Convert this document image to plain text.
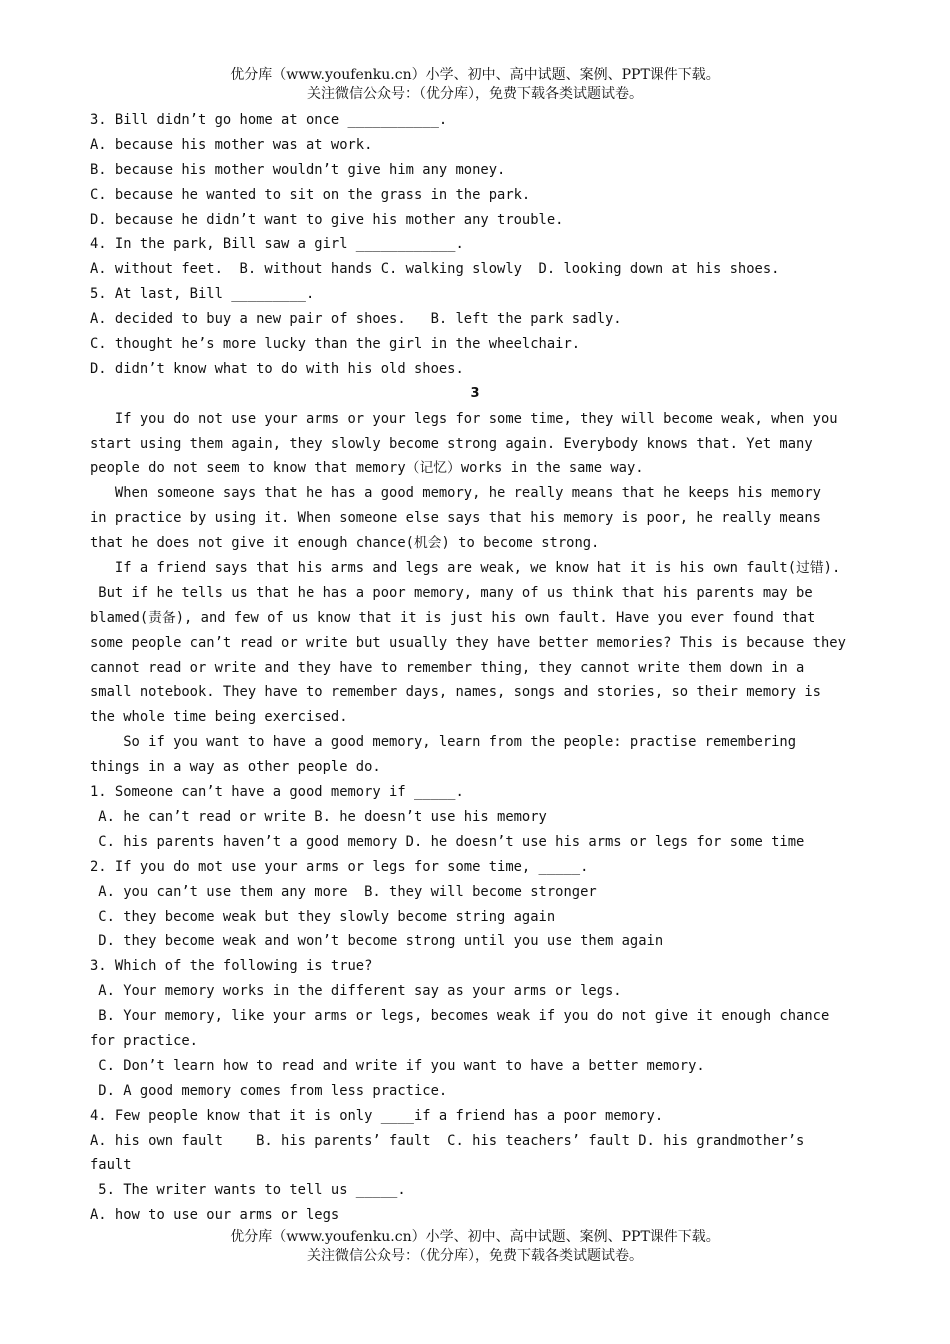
优分库（www.youfenku.cn）小学、初中、高中试题、案例、PPT课件下载。
关注微信公众号：（优分库），免费下载各类试题试卷。
3. Bill didn’t go home at once ___________.
A. because his mother was at work.
B. because his mother wouldn’t give him any money.
C. because he wanted to sit on the grass in the park.
D. because he didn’t want to give his mother any trouble.
4. In the park, Bill saw a girl ____________.
A. without feet.  B. without hands C. walking slowly  D. looking down at his shoes.
5. At last, Bill _________.
A. decided to buy a new pair of shoes.   B. left the park sadly.
C. thought he’s more lucky than the girl in the wheelchair.
D. didn’t know what to do with his old shoes.
3
If you do not use your arms or your legs for some time, they will become weak, when you
start using them again, they slowly become strong again. Everybody knows that. Yet many
people do not seem to know that memory（记忆）works in the same way.
When someone says that he has a good memory, he really means that he keeps his memory
in practice by using it. When someone else says that his memory is poor, he really means
that he does not give it enough chance(机会) to become strong.
If a friend says that his arms and legs are weak, we know hat it is his own fault(过错).
But if he tells us that he has a poor memory, many of us think that his parents may be
blamed(责备), and few of us know that it is just his own fault. Have you ever found that
some people can’t read or write but usually they have better memories? This is because they
cannot read or write and they have to remember thing, they cannot write them down in a
small notebook. They have to remember days, names, songs and stories, so their memory is
the whole time being exercised.
So if you want to have a good memory, learn from the people: practise remembering
things in a way as other people do.
1. Someone can’t have a good memory if _____.
A. he can’t read or write B. he doesn’t use his memory
C. his parents haven’t a good memory D. he doesn’t use his arms or legs for some time
2. If you do mot use your arms or legs for some time, _____.
A. you can’t use them any more  B. they will become stronger
C. they become weak but they slowly become string again
D. they become weak and won’t become strong until you use them again
3. Which of the following is true?
A. Your memory works in the different say as your arms or legs.
B. Your memory, like your arms or legs, becomes weak if you do not give it enough chance
for practice.
C. Don’t learn how to read and write if you want to have a better memory.
D. A good memory comes from less practice.
4. Few people know that it is only ____if a friend has a poor memory.
A. his own fault    B. his parents’ fault  C. his teachers’ fault D. his grandmother’s
fault
5. The writer wants to tell us _____.
A. how to use our arms or legs
优分库（www.youfenku.cn）小学、初中、高中试题、案例、PPT课件下载。
关注微信公众号：（优分库），免费下载各类试题试卷。
